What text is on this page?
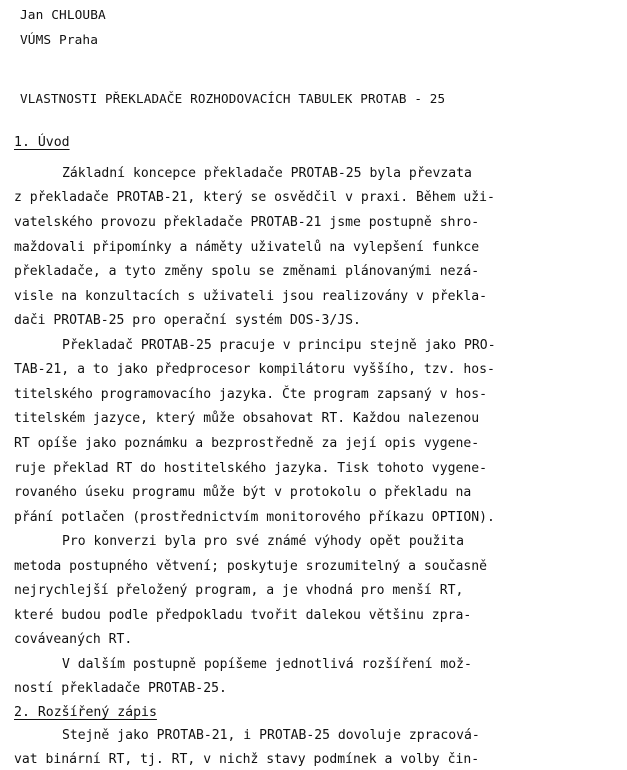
Jan CHLOUBA
VÚMS Praha
VLASTNOSTI PŘEKLADAČE ROZHODOVACÍCH TABULEK PROTAB - 25
1. Úvod
Základní koncepce překladače PROTAB-25 byla převzata
z překladače PROTAB-21, který se osvědčil v praxi. Během uži-
vatelského provozu překladače PROTAB-21 jsme postupně shro-
maždovali připomínky a náměty uživatelů na vylepšení funkce
překladače, a tyto změny spolu se změnami plánovanými nezá-
visle na konzultacích s uživateli jsou realizovány v překla-
dači PROTAB-25 pro operační systém DOS-3/JS.
Překladač PROTAB-25 pracuje v principu stejně jako PRO-
TAB-21, a to jako předprocesor kompilátoru vyššího, tzv. hos-
titelského programovacího jazyka. Čte program zapsaný v hos-
titelském jazyce, který může obsahovat RT. Každou nalezenou
RT opíše jako poznámku a bezprostředně za její opis vygene-
ruje překlad RT do hostitelského jazyka. Tisk tohoto vygene-
rovaného úseku programu může být v protokolu o překladu na
přání potlačen (prostřednictvím monitorového příkazu OPTION).
Pro konverzi byla pro své známé výhody opět použita
metoda postupného větvení; poskytuje srozumitelný a současně
nejrychlejší přeložený program, a je vhodná pro menší RT,
které budou podle předpokladu tvořit dalekou většinu zpra-
cováveaných RT.
V dalším postupně popíšeme jednotlivá rozšíření mož-
ností překladače PROTAB-25.
2. Rozšířený zápis
Stejně jako PROTAB-21, i PROTAB-25 dovoluje zpracová-
vat binární RT, tj. RT, v nichž stavy podmínek a volby čin-
